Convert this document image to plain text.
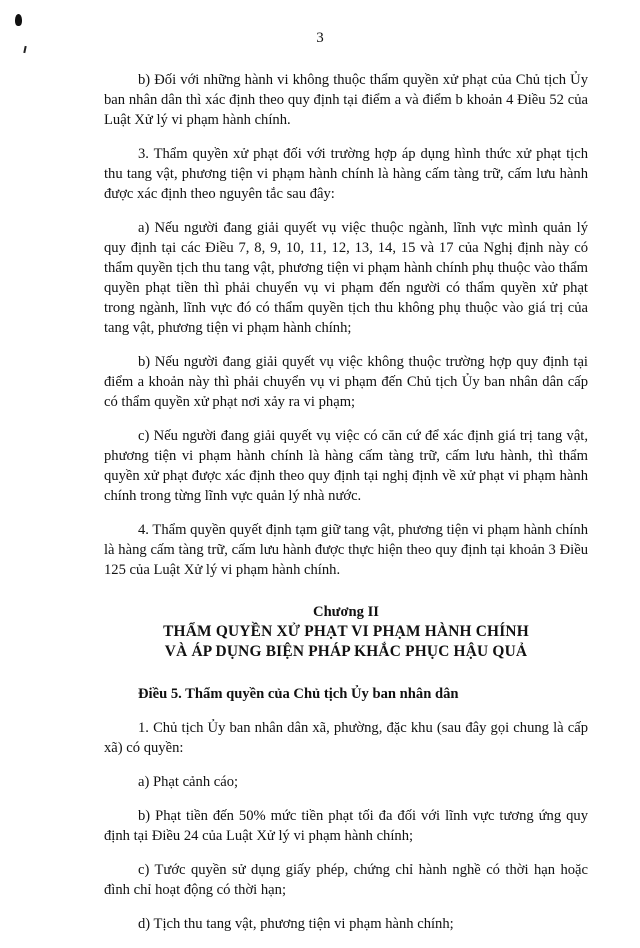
3

b) Đối với những hành vi không thuộc thẩm quyền xử phạt của Chủ tịch Ủy ban nhân dân thì xác định theo quy định tại điểm a và điểm b khoản 4 Điều 52 của Luật Xử lý vi phạm hành chính.

3. Thẩm quyền xử phạt đối với trường hợp áp dụng hình thức xử phạt tịch thu tang vật, phương tiện vi phạm hành chính là hàng cấm tàng trữ, cấm lưu hành được xác định theo nguyên tắc sau đây:

a) Nếu người đang giải quyết vụ việc thuộc ngành, lĩnh vực mình quản lý quy định tại các Điều 7, 8, 9, 10, 11, 12, 13, 14, 15 và 17 của Nghị định này có thẩm quyền tịch thu tang vật, phương tiện vi phạm hành chính phụ thuộc vào thẩm quyền phạt tiền thì phải chuyển vụ vi phạm đến người có thẩm quyền xử phạt trong ngành, lĩnh vực đó có thẩm quyền tịch thu không phụ thuộc vào giá trị của tang vật, phương tiện vi phạm hành chính;

b) Nếu người đang giải quyết vụ việc không thuộc trường hợp quy định tại điểm a khoản này thì phải chuyển vụ vi phạm đến Chủ tịch Ủy ban nhân dân cấp có thẩm quyền xử phạt nơi xảy ra vi phạm;

c) Nếu người đang giải quyết vụ việc có căn cứ để xác định giá trị tang vật, phương tiện vi phạm hành chính là hàng cấm tàng trữ, cấm lưu hành, thì thẩm quyền xử phạt được xác định theo quy định tại nghị định về xử phạt vi phạm hành chính trong từng lĩnh vực quản lý nhà nước.

4. Thẩm quyền quyết định tạm giữ tang vật, phương tiện vi phạm hành chính là hàng cấm tàng trữ, cấm lưu hành được thực hiện theo quy định tại khoản 3 Điều 125 của Luật Xử lý vi phạm hành chính.

Chương II
THẨM QUYỀN XỬ PHẠT VI PHẠM HÀNH CHÍNH
VÀ ÁP DỤNG BIỆN PHÁP KHẮC PHỤC HẬU QUẢ

Điều 5. Thẩm quyền của Chủ tịch Ủy ban nhân dân

1. Chủ tịch Ủy ban nhân dân xã, phường, đặc khu (sau đây gọi chung là cấp xã) có quyền:

a) Phạt cảnh cáo;

b) Phạt tiền đến 50% mức tiền phạt tối đa đối với lĩnh vực tương ứng quy định tại Điều 24 của Luật Xử lý vi phạm hành chính;

c) Tước quyền sử dụng giấy phép, chứng chỉ hành nghề có thời hạn hoặc đình chỉ hoạt động có thời hạn;

d) Tịch thu tang vật, phương tiện vi phạm hành chính;
